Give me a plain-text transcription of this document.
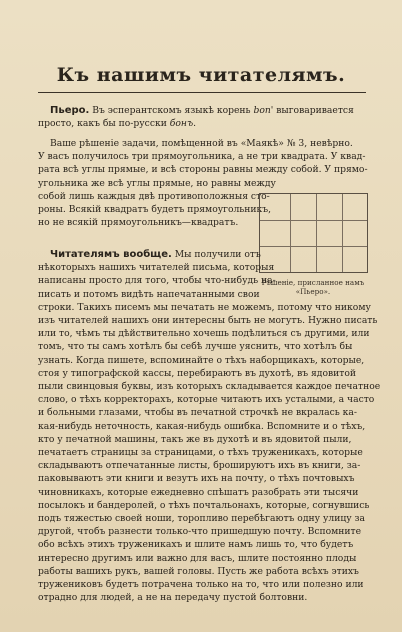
Къ нашимъ читателямъ.

Пьеро. Въ эсперантскомъ языкѣ корень bon' выговаривается
просто, какъ бы по-русски бонъ.

Ваше рѣшеніе задачи, помѣщенной въ «Маякѣ» № 3, невѣрно.
У васъ получилось три прямоугольника, а не три квадрата. У квад-
рата всѣ углы прямые, и всѣ стороны равны между собой. У прямо-
угольника же всѣ углы прямые, но равны между
собой лишь каждыя двѣ противоположныя сто-
роны. Всякій квадратъ будетъ прямоугольникъ,
но не всякій прямоугольникъ—квадратъ.

Рѣшеніе, присланное намъ «Пьеро».

Читателямъ вообще. Мы получили отъ
нѣкоторыхъ нашихъ читателей письма, которыя
написаны просто для того, чтобы что-нибудь на-
писать и потомъ видѣть напечатанными свои
строки. Такихъ писемъ мы печатать не можемъ, потому что никому
изъ читателей нашихъ они интересны быть не могутъ. Нужно писать
или то, чѣмъ ты дѣйствительно хочешь подѣлиться съ другими, или
томъ, что ты самъ хотѣлъ бы себѣ лучше уяснить, что хотѣлъ бы
узнать. Когда пишете, вспоминайте о тѣхъ наборщикахъ, которые,
стоя у типографской кассы, перебираютъ въ духотѣ, въ ядовитой
пыли свинцовыя буквы, изъ которыхъ складывается каждое печатное
слово, о тѣхъ корректорахъ, которые читаютъ ихъ усталыми, а часто
и больными глазами, чтобы въ печатной строчкѣ не вкралась ка-
кая-нибудь неточность, какая-нибудь ошибка. Вспомните и о тѣхъ,
кто у печатной машины, такъ же въ духотѣ и въ ядовитой пыли,
печатаетъ страницы за страницами, о тѣхъ труженикахъ, которые
складываютъ отпечатанные листы, брошируютъ ихъ въ книги, за-
паковываютъ эти книги и везутъ ихъ на почту, о тѣхъ почтовыхъ
чиновникахъ, которые ежедневно спѣшатъ разобрать эти тысячи
посылокъ и бандеролей, о тѣхъ почтальонахъ, которые, согнувшись
подъ тяжестью своей ноши, торопливо перебѣгаютъ одну улицу за
другой, чтобъ разнести только-что пришедшую почту. Вспомните
обо всѣхъ этихъ труженикахъ и шлите намъ лишь то, что будетъ
интересно другимъ или важно для васъ, шлите постоянно плоды
работы вашихъ рукъ, вашей головы. Пусть же работа всѣхъ этихъ
тружениковъ будетъ потрачена только на то, что или полезно или
отрадно для людей, а не на передачу пустой болтовни.
